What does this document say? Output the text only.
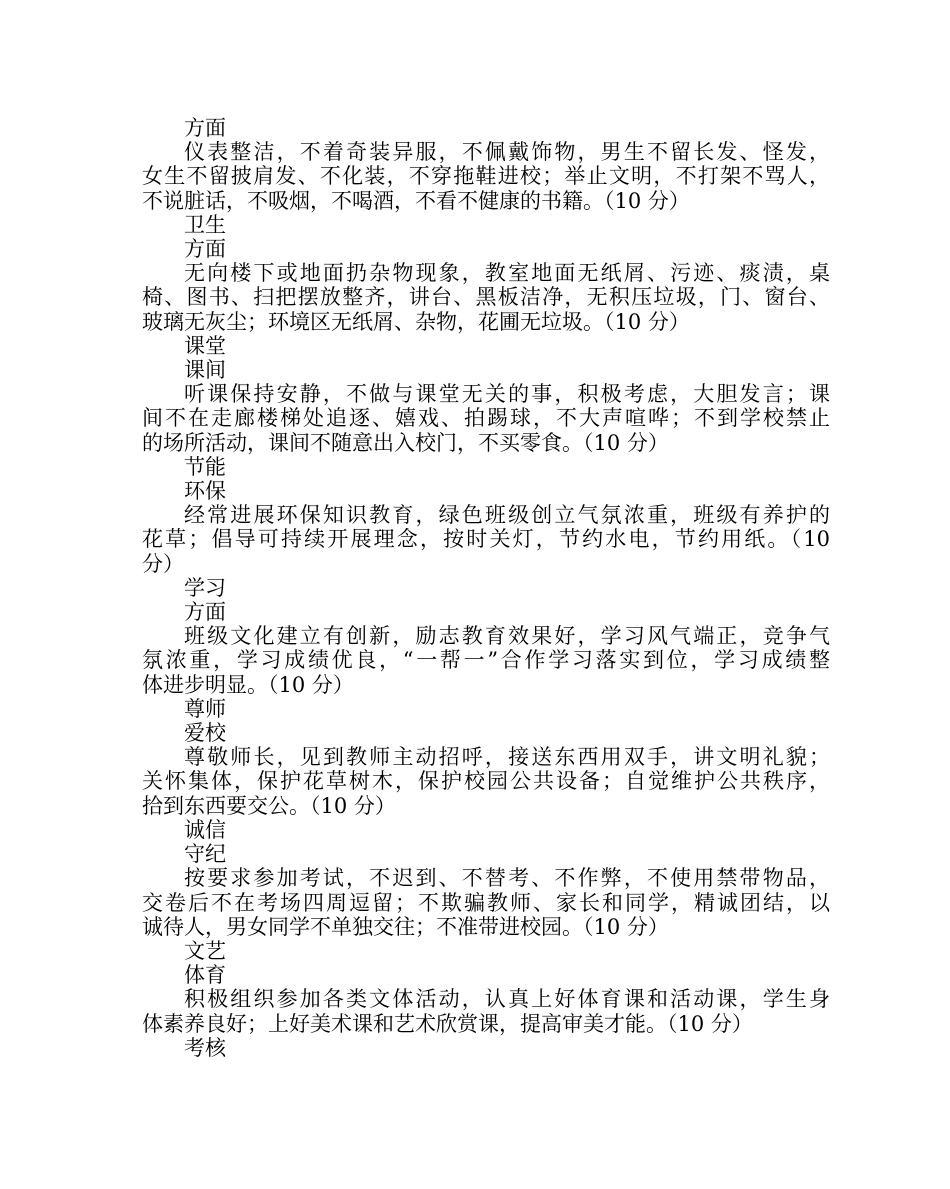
方面
仪表整洁，不着奇装异服，不佩戴饰物，男生不留长发、怪发，
女生不留披肩发、不化装，不穿拖鞋进校；举止文明，不打架不骂人，
不说脏话，不吸烟，不喝酒，不看不健康的书籍。（10 分）
卫生
方面
无向楼下或地面扔杂物现象，教室地面无纸屑、污迹、痰渍，桌
椅、图书、扫把摆放整齐，讲台、黑板洁净，无积压垃圾，门、窗台、
玻璃无灰尘；环境区无纸屑、杂物，花圃无垃圾。（10 分）
课堂
课间
听课保持安静，不做与课堂无关的事，积极考虑，大胆发言；课
间不在走廊楼梯处追逐、嬉戏、拍踢球，不大声喧哗；不到学校禁止
的场所活动，课间不随意出入校门，不买零食。（10 分）
节能
环保
经常进展环保知识教育，绿色班级创立气氛浓重，班级有养护的
花草；倡导可持续开展理念，按时关灯，节约水电，节约用纸。（10
分）
学习
方面
班级文化建立有创新，励志教育效果好，学习风气端正，竞争气
氛浓重，学习成绩优良，“一帮一”合作学习落实到位，学习成绩整
体进步明显。（10 分）
尊师
爱校
尊敬师长，见到教师主动招呼，接送东西用双手，讲文明礼貌；
关怀集体，保护花草树木，保护校园公共设备；自觉维护公共秩序，
拾到东西要交公。（10 分）
诚信
守纪
按要求参加考试，不迟到、不替考、不作弊，不使用禁带物品，
交卷后不在考场四周逗留；不欺骗教师、家长和同学，精诚团结，以
诚待人，男女同学不单独交往；不准带进校园。（10 分）
文艺
体育
积极组织参加各类文体活动，认真上好体育课和活动课，学生身
体素养良好；上好美术课和艺术欣赏课，提高审美才能。（10 分）
考核
